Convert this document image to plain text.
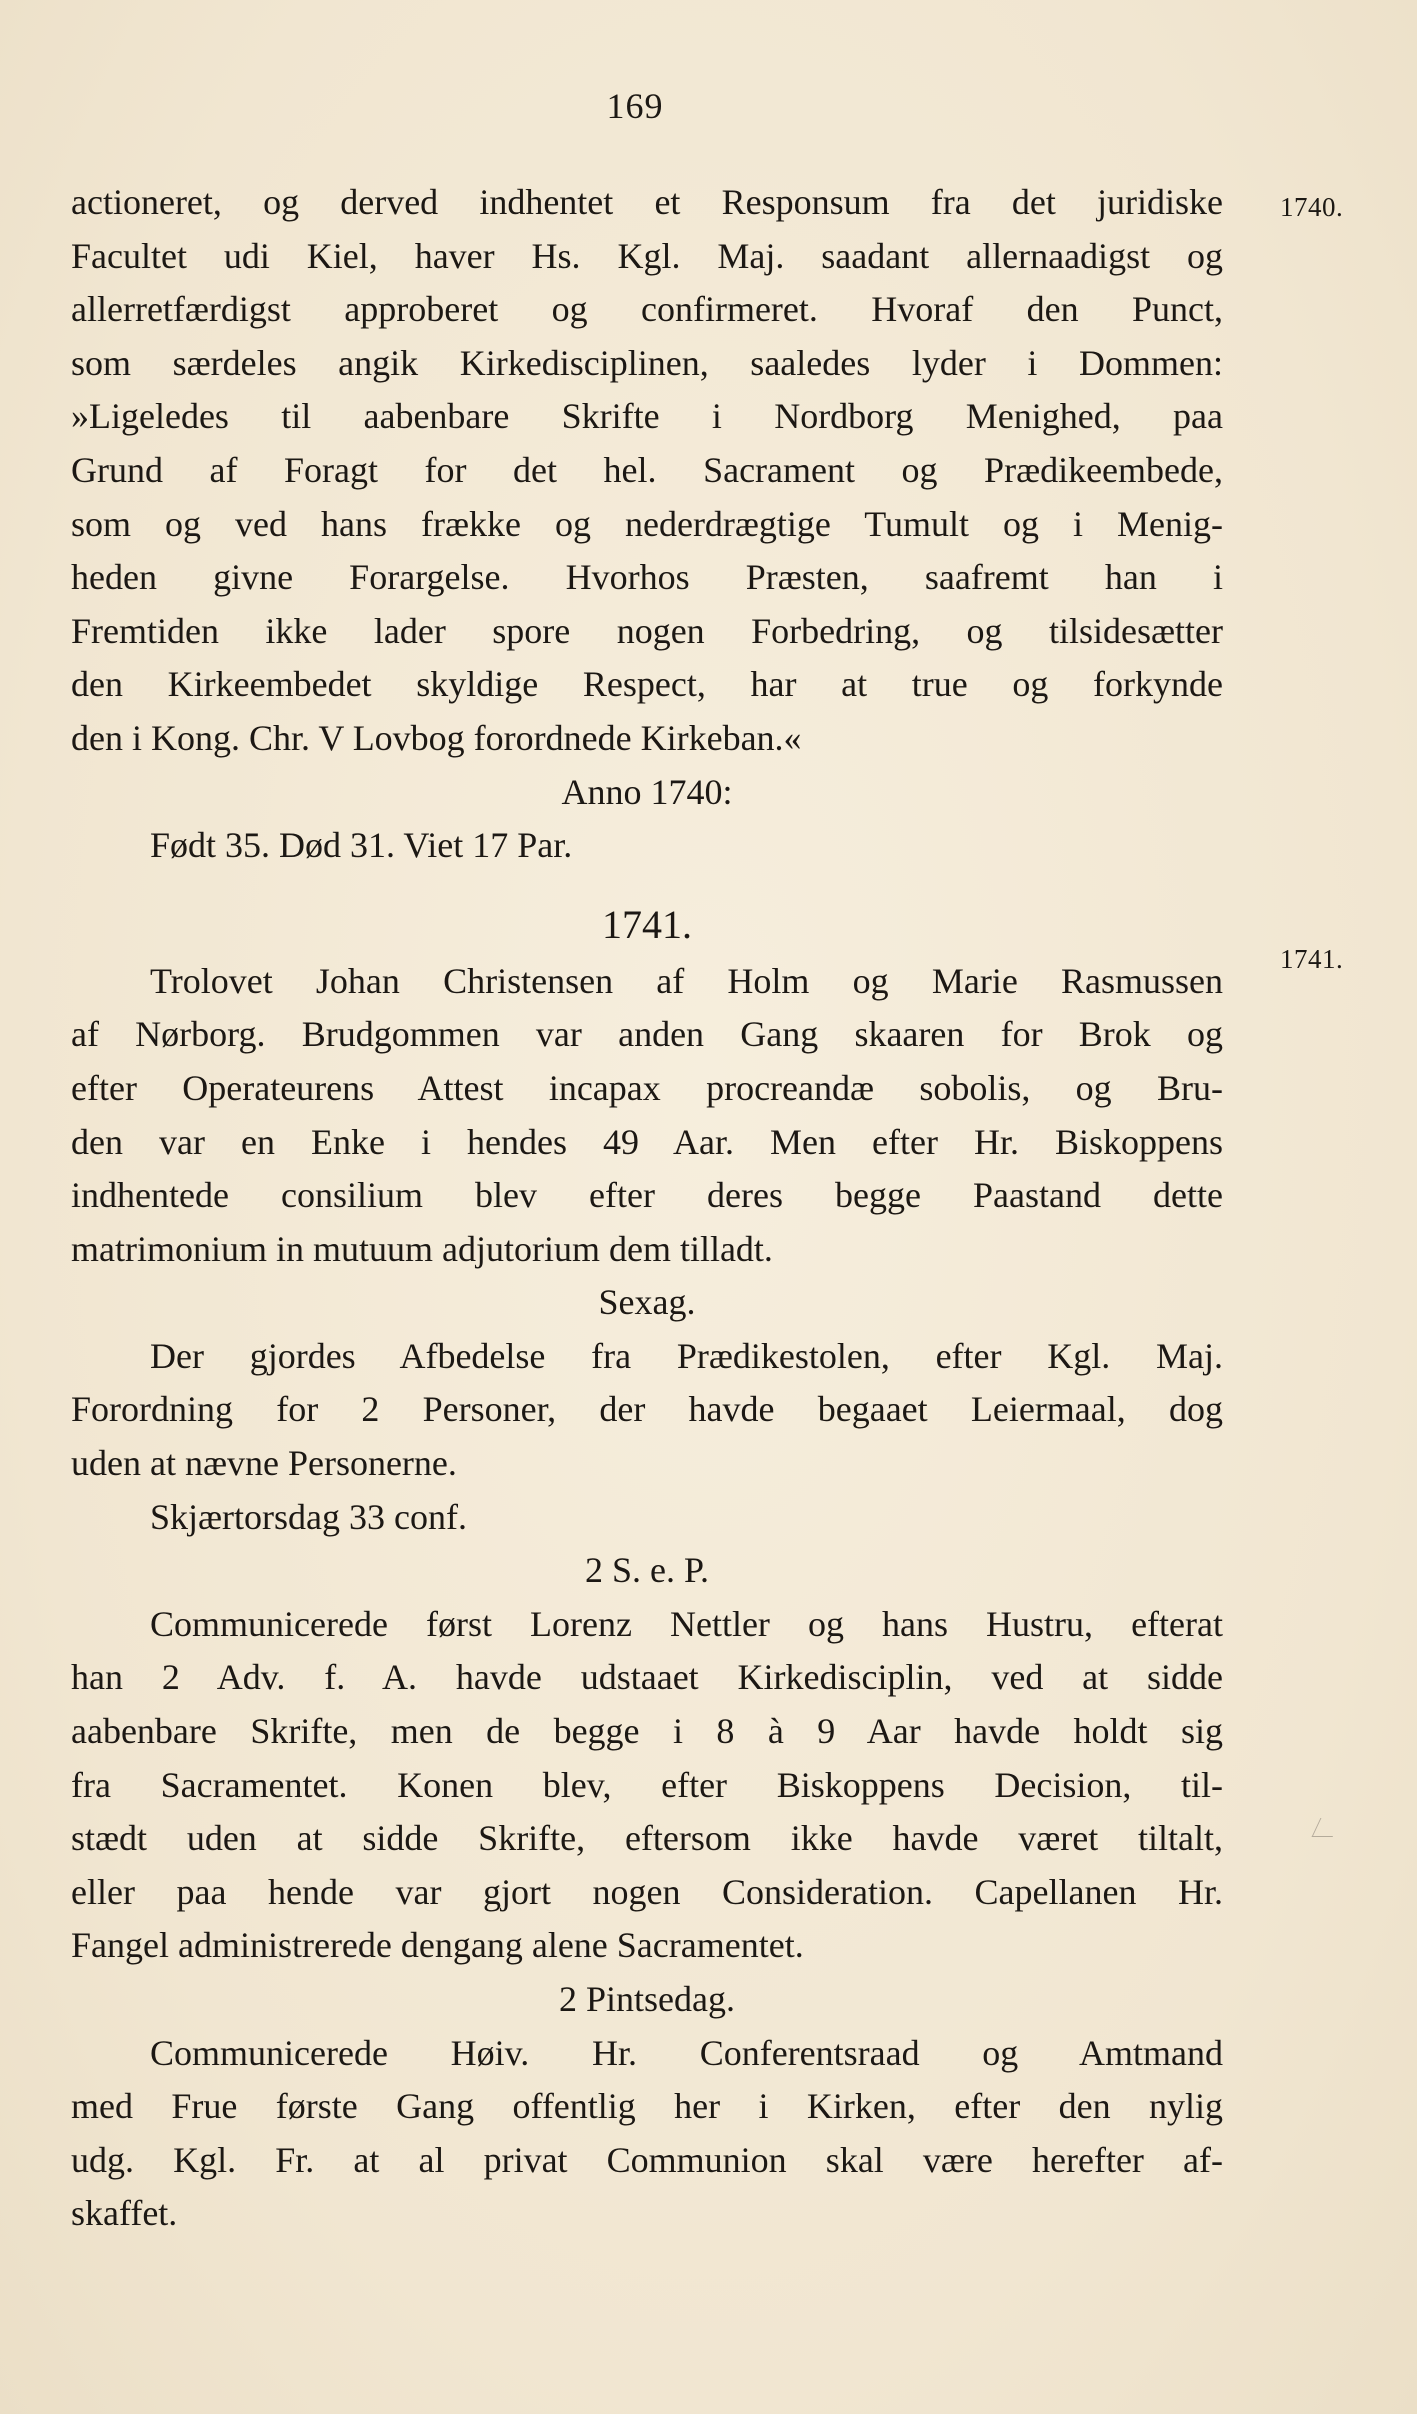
169
1740.
1741.
actioneret, og derved indhentet et Responsum fra det juridiske
Facultet udi Kiel, haver Hs. Kgl. Maj. saadant allernaadigst og
allerretfærdigst approberet og confirmeret. Hvoraf den Punct,
som særdeles angik Kirkedisciplinen, saaledes lyder i Dommen:
»Ligeledes til aabenbare Skrifte i Nordborg Menighed, paa
Grund af Foragt for det hel. Sacrament og Prædikeembede,
som og ved hans frække og nederdrægtige Tumult og i Menig-
heden givne Forargelse. Hvorhos Præsten, saafremt han i
Fremtiden ikke lader spore nogen Forbedring, og tilsidesætter
den Kirkeembedet skyldige Respect, har at true og forkynde
den i Kong. Chr. V Lovbog forordnede Kirkeban.«
Anno 1740:
Født 35. Død 31. Viet 17 Par.
1741.
Trolovet Johan Christensen af Holm og Marie Rasmussen
af Nørborg. Brudgommen var anden Gang skaaren for Brok og
efter Operateurens Attest incapax procreandæ sobolis, og Bru-
den var en Enke i hendes 49 Aar. Men efter Hr. Biskoppens
indhentede consilium blev efter deres begge Paastand dette
matrimonium in mutuum adjutorium dem tilladt.
Sexag.
Der gjordes Afbedelse fra Prædikestolen, efter Kgl. Maj.
Forordning for 2 Personer, der havde begaaet Leiermaal, dog
uden at nævne Personerne.
Skjærtorsdag 33 conf.
2 S. e. P.
Communicerede først Lorenz Nettler og hans Hustru, efterat
han 2 Adv. f. A. havde udstaaet Kirkedisciplin, ved at sidde
aabenbare Skrifte, men de begge i 8 à 9 Aar havde holdt sig
fra Sacramentet. Konen blev, efter Biskoppens Decision, til-
stædt uden at sidde Skrifte, eftersom ikke havde været tiltalt,
eller paa hende var gjort nogen Consideration. Capellanen Hr.
Fangel administrerede dengang alene Sacramentet.
2 Pintsedag.
Communicerede Høiv. Hr. Conferentsraad og Amtmand
med Frue første Gang offentlig her i Kirken, efter den nylig
udg. Kgl. Fr. at al privat Communion skal være herefter af-
skaffet.
